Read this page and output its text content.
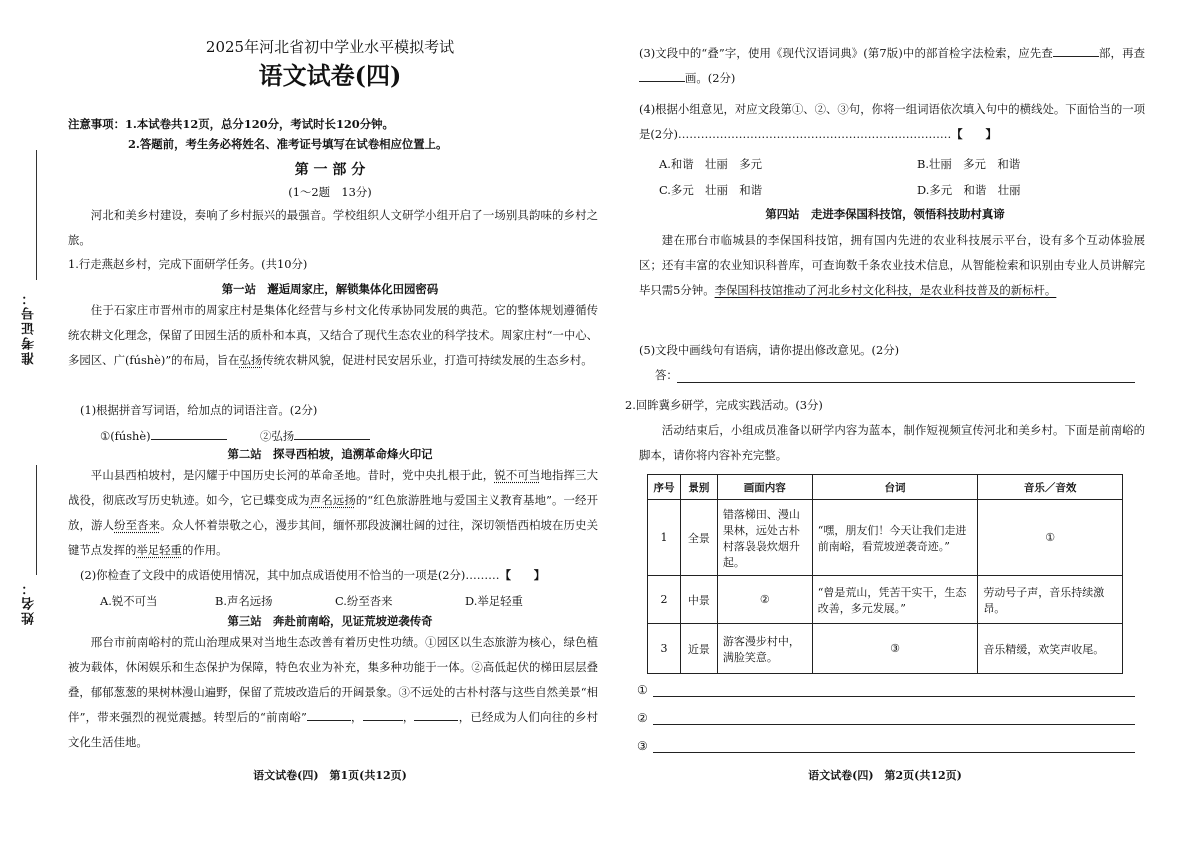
准考证号：
姓名：
2025年河北省初中学业水平模拟考试
语文试卷(四)
注意事项：1.本试卷共12页，总分120分，考试时长120分钟。
2.答题前，考生务必将姓名、准考证号填写在试卷相应位置上。
第 一 部 分
(1～2题　13分)

河北和美乡村建设，奏响了乡村振兴的最强音。学校组织人文研学小组开启了一场别具韵味的乡村之旅。

1.行走燕赵乡村，完成下面研学任务。(共10分)
第一站　邂逅周家庄，解锁集体化田园密码
住于石家庄市晋州市的周家庄村是集体化经营与乡村文化传承协同发展的典范。它的整体规划遵循传统农耕文化理念，保留了田园生活的质朴和本真，又结合了现代生态农业的科学技术。周家庄村“一中心、多园区、广(fúshè)”的布局，旨在弘扬传统农耕风貌，促进村民安居乐业，打造可持续发展的生态乡村。
(1)根据拼音写词语，给加点的词语注音。(2分)
①(fúshè)	②弘扬
第二站　探寻西柏坡，追溯革命烽火印记
平山县西柏坡村，是闪耀于中国历史长河的革命圣地。昔时，党中央扎根于此，锐不可当地指挥三大战役，彻底改写历史轨迹。如今，它已蝶变成为声名远扬的“红色旅游胜地与爱国主义教育基地”。一经开放，游人纷至沓来。众人怀着崇敬之心，漫步其间，缅怀那段波澜壮阔的过往，深切领悟西柏坡在历史关键节点发挥的举足轻重的作用。
(2)你检查了文段中的成语使用情况，其中加点成语使用不恰当的一项是(2分)………【　　】
A.锐不可当	B.声名远扬	C.纷至沓来	D.举足轻重
第三站　奔赴前南峪，见证荒坡逆袭传奇
邢台市前南峪村的荒山治理成果对当地生态改善有着历史性功绩。①园区以生态旅游为核心，绿色植被为载体，休闲娱乐和生态保护为保障，特色农业为补充，集多种功能于一体。②高低起伏的梯田层层叠叠，郁郁葱葱的果树林漫山遍野，保留了荒坡改造后的开阔景象。③不远处的古朴村落与这些自然美景“相伴”，带来强烈的视觉震撼。转型后的“前南峪”	，	，	，已经成为人们向往的乡村文化生活佳地。
语文试卷(四)　第1页(共12页)
(3)文段中的“叠”字，使用《现代汉语词典》(第7版)中的部首检字法检索，应先查	部，再查画。(2分)
(4)根据小组意见，对应文段第①、②、③句，你将一组词语依次填入句中的横线处。下面恰当的一项是(2分)………………………………………………………………【　　】
A.和谐　壮丽　多元	B.壮丽　多元　和谐
C.多元　壮丽　和谐	D.多元　和谐　壮丽
第四站　走进李保国科技馆，领悟科技助村真谛
建在邢台市临城县的李保国科技馆，拥有国内先进的农业科技展示平台，设有多个互动体验展区；还有丰富的农业知识科普库，可查询数千条农业技术信息，从智能检索和识别由专业人员讲解完毕只需5分钟。李保国科技馆推动了河北乡村文化科技，是农业科技普及的新标杆。
(5)文段中画线句有语病，请你提出修改意见。(2分)
答：
2.回眸冀乡研学，完成实践活动。(3分)
活动结束后，小组成员准备以研学内容为蓝本，制作短视频宣传河北和美乡村。下面是前南峪的脚本，请你将内容补充完整。
序号	景别	画面内容	台词	音乐／音效
1	全景	错落梯田、漫山果林，远处古朴村落袅袅炊烟升起。	“嘿，朋友们！今天让我们走进前南峪，看荒坡逆袭奇迹。”	①
2	中景	②	“曾是荒山，凭苦干实干，生态改善，多元发展。”	劳动号子声，音乐持续激昂。
3	近景	游客漫步村中，满脸笑意。	③	音乐精缓，欢笑声收尾。
①
②
③
语文试卷(四)　第2页(共12页)
